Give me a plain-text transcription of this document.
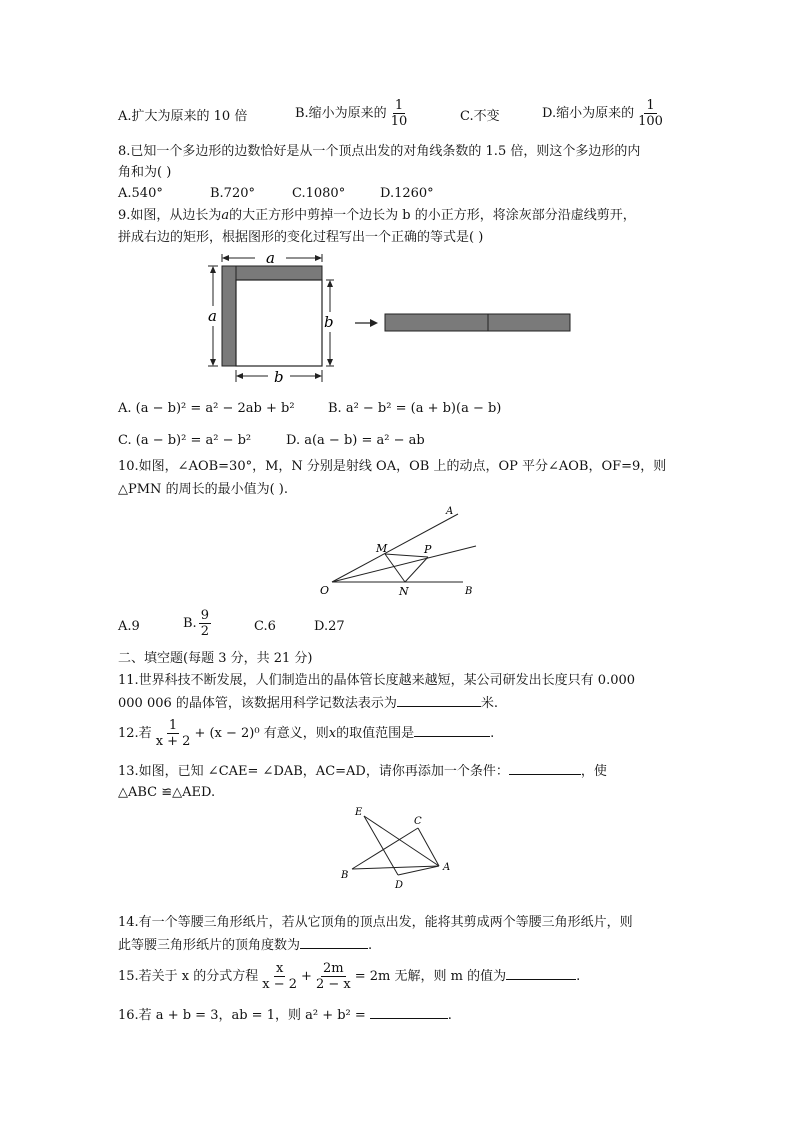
A.扩大为原来的 10 倍	B.缩小为原来的 $\frac{1}{10}$	C.不变	D.缩小为原来的 $\frac{1}{100}$
8.已知一个多边形的边数恰好是从一个顶点出发的对角线条数的 1.5 倍，则这个多边形的内
角和为( )
A.540°	B.720°	C.1080°	D.1260°
9.如图，从边长为a的大正方形中剪掉一个边长为 b 的小正方形，将涂灰部分沿虚线剪开，
拼成右边的矩形，根据图形的变化过程写出一个正确的等式是( )
a
a	b
b
A. (a − b)² = a² − 2ab + b²	B. a² − b² = (a + b)(a − b)
C. (a − b)² = a² − b²	D. a(a − b) = a² − ab
10.如图，∠AOB=30°，M，N 分别是射线 OA，OB 上的动点，OP 平分∠AOB，OF=9，则
△PMN 的周长的最小值为( ).
A
M	P
O	N	B
A.9	B. $\frac{9}{2}$	C.6	D.27
二、填空题(每题 3 分，共 21 分)
11.世界科技不断发展，人们制造出的晶体管长度越来越短，某公司研发出长度只有 0.000
000 006 的晶体管，该数据用科学记数法表示为	米.
12.若 $\frac{1}{x + 2} + (x - 2)^0$ 有意义，则x的取值范围是	.
13.如图，已知 ∠CAE= ∠DAB，AC=AD，请你再添加一个条件：	，使
△ABC ≌△AED.
E
C
B
A
D
14.有一个等腰三角形纸片，若从它顶角的顶点出发，能将其剪成两个等腰三角形纸片，则
此等腰三角形纸片的顶角度数为	.
15.若关于 x 的分式方程 $\frac{x}{x - 2} + \frac{2m}{2 - x} = 2m$ 无解，则 m 的值为	.
16.若 a + b = 3，ab = 1，则 a² + b² =	.
